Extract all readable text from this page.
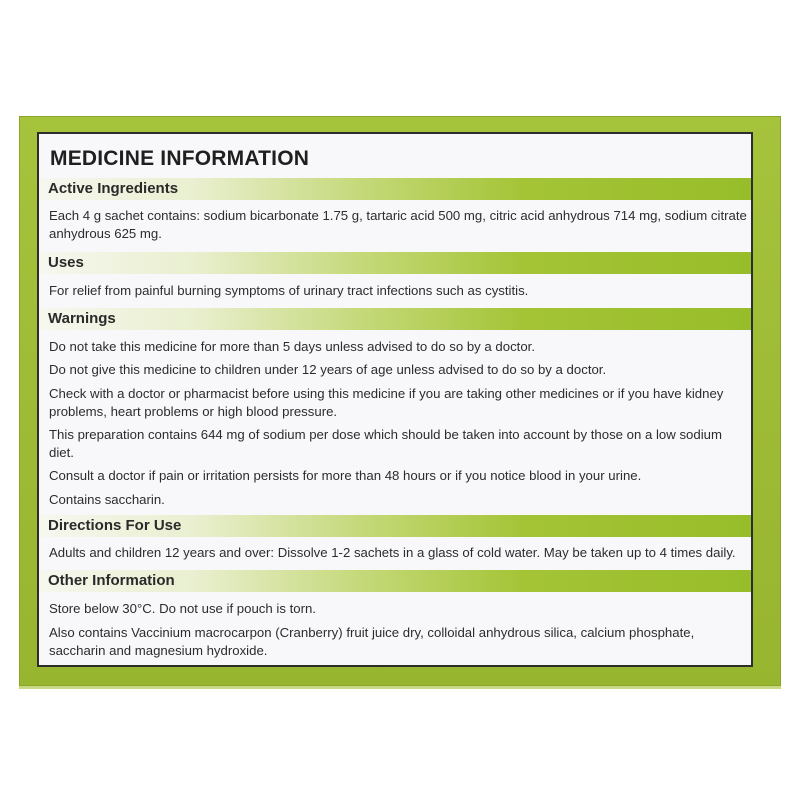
MEDICINE INFORMATION
Active Ingredients

Each 4 g sachet contains: sodium bicarbonate 1.75 g, tartaric acid 500 mg, citric acid anhydrous 714 mg, sodium citrate anhydrous 625 mg.

Uses

For relief from painful burning symptoms of urinary tract infections such as cystitis.

Warnings

Do not take this medicine for more than 5 days unless advised to do so by a doctor.

Do not give this medicine to children under 12 years of age unless advised to do so by a doctor.

Check with a doctor or pharmacist before using this medicine if you are taking other medicines or if you have kidney problems, heart problems or high blood pressure.

This preparation contains 644 mg of sodium per dose which should be taken into account by those on a low sodium diet.

Consult a doctor if pain or irritation persists for more than 48 hours or if you notice blood in your urine.

Contains saccharin.

Directions For Use

Adults and children 12 years and over: Dissolve 1-2 sachets in a glass of cold water. May be taken up to 4 times daily.

Other Information

Store below 30°C. Do not use if pouch is torn.

Also contains Vaccinium macrocarpon (Cranberry) fruit juice dry, colloidal anhydrous silica, calcium phosphate, saccharin and magnesium hydroxide.
